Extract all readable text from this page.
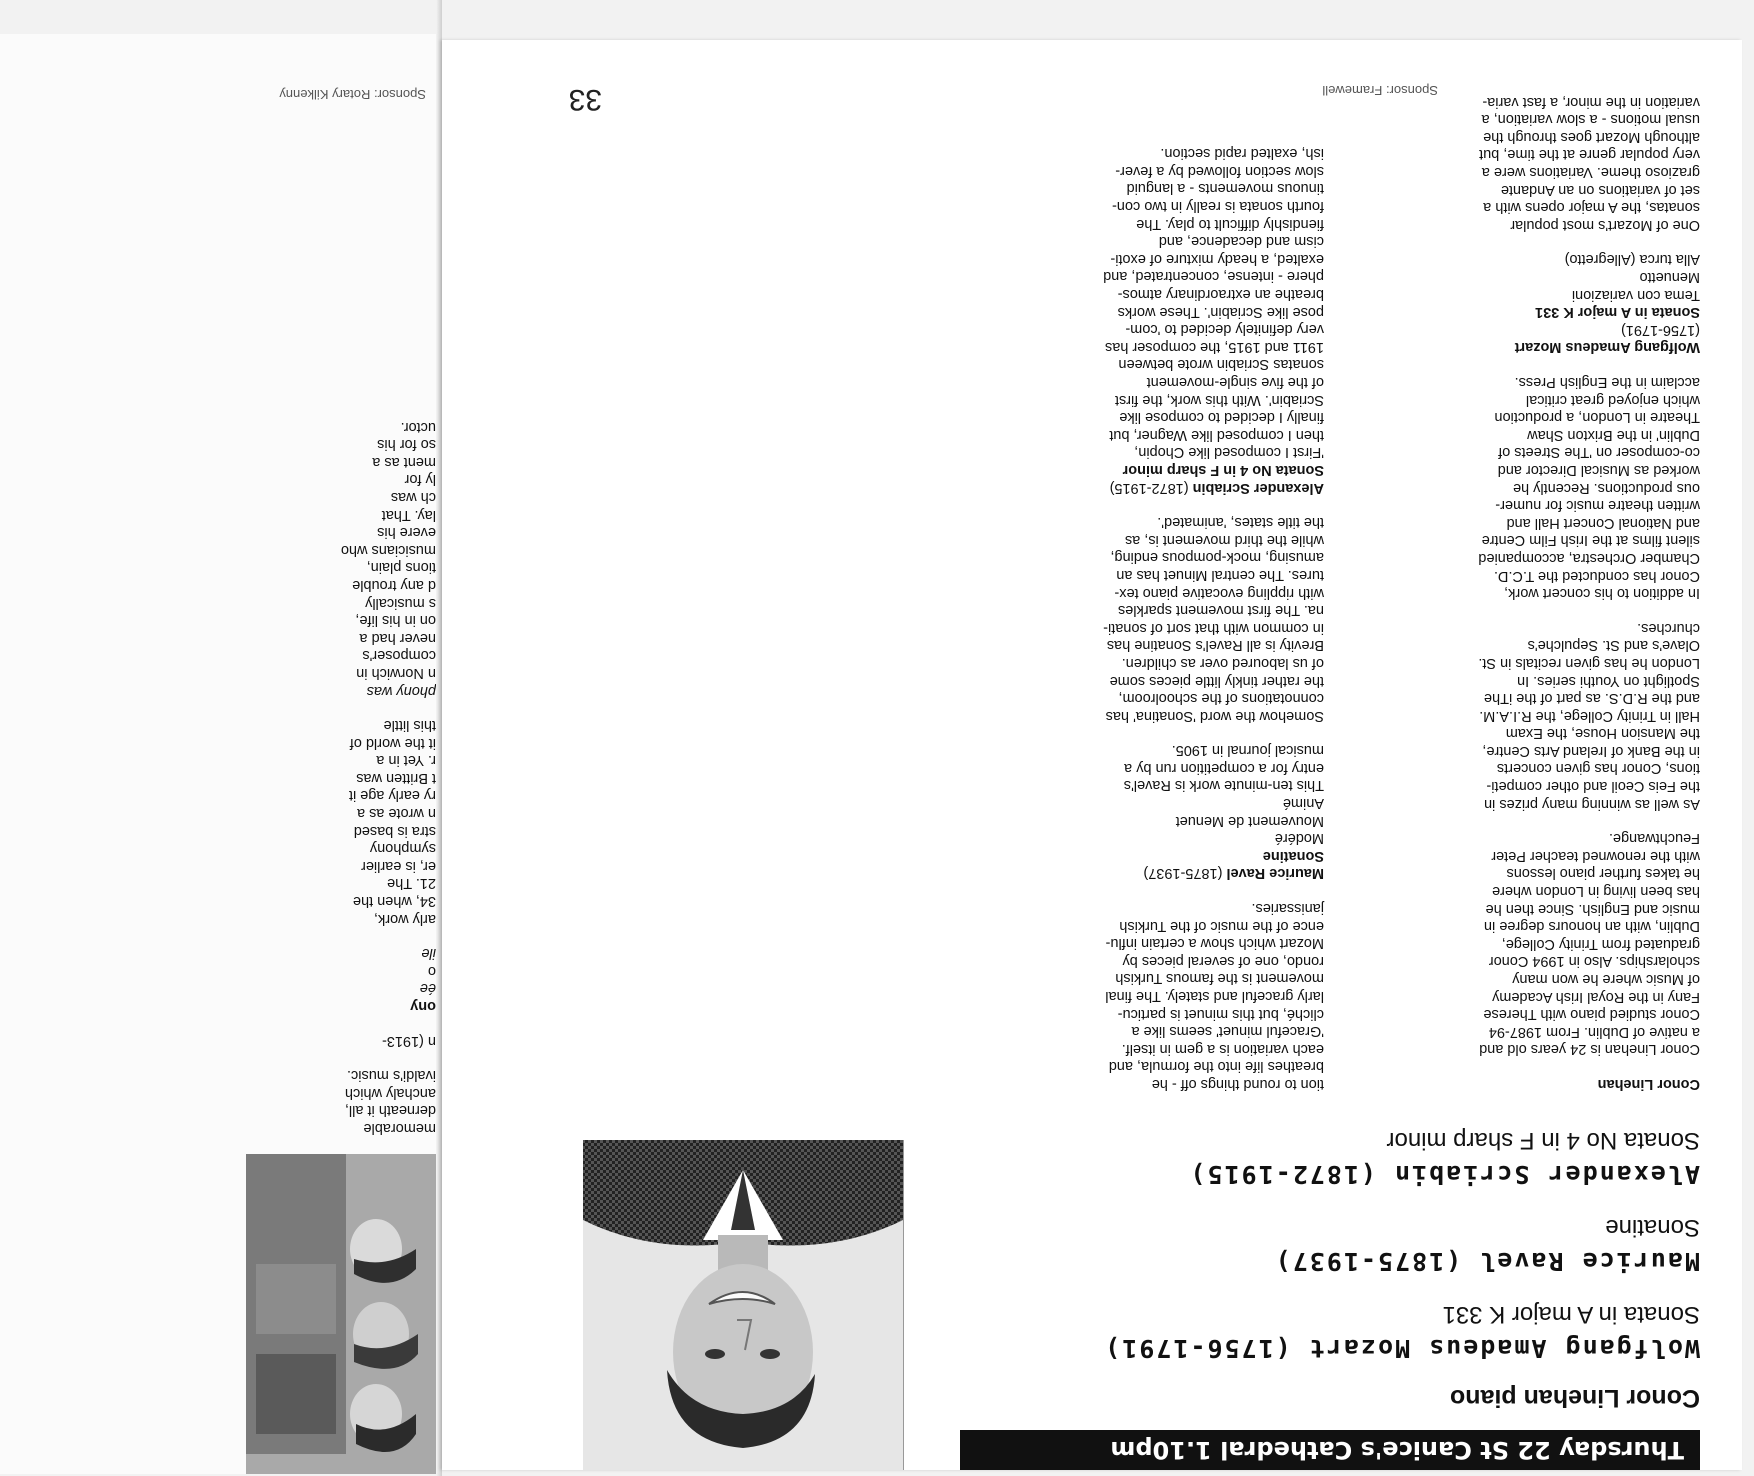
Thursday 22 St Canice's Cathedral 1.10pm
Conor Linehan piano
Wolfgang Amadeus Mozart (1756-1791)
Sonata in A major K 331
Maurice Ravel (1875-1937)
Sonatine
Alexander Scriabin (1872-1915)
Sonata No 4 in F sharp minor

Conor Linehan

Conor Linehan is 24 years old and
a native of Dublin. From 1987-94
Conor studied piano with Therese
Fany in the Royal Irish Academy
of Music where he won many
scholarships. Also in 1994 Conor
graduated from Trinity College,
Dublin, with an honours degree in
music and English. Since then he
has been living in London where
he takes further piano lessons
with the renowned teacher Peter
Feuchtwange.

As well as winning many prizes in
the Feis Ceoil and other competi-
tions, Conor has given concerts
in the Bank of Ireland Arts Centre,
the Mansion House, the Exam
Hall in Trinity College, the R.I.A.M.
and the R.D.S. as part of the iThe
Spotlight on Youthi series. In
London he has given recitals in St.
Olave's and St. Sepulche's
churches.

In addition to his concert work,
Conor has conducted the T.C.D.
Chamber Orchestra, accompanied
silent films at the Irish Film Centre
and National Concert Hall and
written theatre music for numer-
ous productions. Recently he
worked as Musical Director and
co-composer on 'The Streets of
Dublin' in the Brixton Shaw
Theatre in London, a production
which enjoyed great critical
acclaim in the English Press.

Wolfgang Amadeus Mozart

(1756-1791)

Sonata in A major K 331

Tema con variazioni

Menuetto

Alla turca (Allegretto)

One of Mozart's most popular
sonatas, the A major opens with a
set of variations on an Andante
grazioso theme. Variations were a
very popular genre at the time, but
although Mozart goes through the
usual motions - a slow variation, a
variation in the minor, a fast varia-

tion to round things off - he
breathes life into the formula, and
each variation is a gem in itself.
'Graceful minuet' seems like a
cliché, but this minuet is particu-
larly graceful and stately. The final
movement is the famous Turkish
rondo, one of several pieces by
Mozart which show a certain influ-
ence of the music of the Turkish
janissaries.

Maurice Ravel (1875-1937)

Sonatine

Modéré

Mouvement de Menuet

Animé

This ten-minute work is Ravel's
entry for a competition run by a
musical journal in 1905.

Somehow the word 'Sonatina' has
connotations of the schoolroom,
the rather tinkly little pieces some
of us laboured over as children.
Brevity is all Ravel's Sonatine has
in common with that sort of sonati-
na. The first movement sparkles
with rippling evocative piano tex-
tures. The central Minuet has an
amusing, mock-pompous ending,
while the third movement is, as
the title states, 'animated'.

Alexander Scriabin (1872-1915)

Sonata No 4 in F sharp minor

'First I composed like Chopin,
then I composed like Wagner, but
finally I decided to compose like
Scriabin'. With this work, the first
of the five single-movement
sonatas Scriabin wrote between
1911 and 1915, the composer has
very definitely decided to 'com-
pose like Scriabin'. These works
breathe an extraordinary atmos-
phere - intense, concentrated, and
exalted, a heady mixture of exoti-
cism and decadence, and
fiendishly difficult to play. The
fourth sonata is really in two con-
tinuous movements - a languid
slow section followed by a fever-
ish, exalted rapid section.

Sponsor: Framewell
33
memorable
derneath it all,
anchaly which
ivaldi's music.
n (1913-
ony
ée
o
ile
arly work,
34, when the
21. The
er, is earlier
symphony
stra is based
n wrote as a
ry early age it
t Britten was
r. Yet in a
it the world of
this little
phony was
n Norwich in
composer's
never had a
on in his life,
s musically
d any trouble
tions plain,
musicians who
evere his
lay. That
ch was
ly for
ment as a
so for his
uctor.
Sponsor: Rotary Kilkenny
